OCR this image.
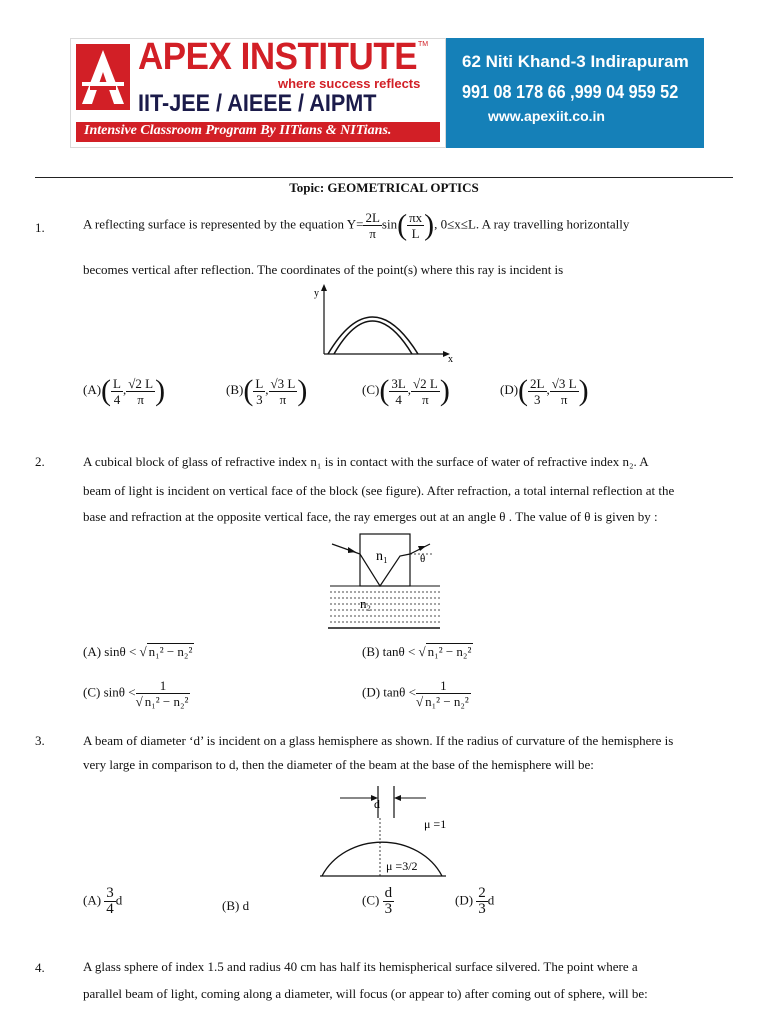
APEX INSTITUTE TM
where success reflects
IIT-JEE / AIEEE / AIPMT
Intensive Classroom Program By IITians & NITians.
62 Niti Khand-3 Indirapuram
991 08 178 66 ,999 04 959 52
www.apexiit.co.in
Topic: GEOMETRICAL OPTICS
1.	A reflecting surface is represented by the equation $Y= \frac{2L}{\pi} \sin( \frac{\pi x}{L}$ ), 0≤x≤L. A ray travelling horizontally
becomes vertical after reflection. The coordinates of the point(s) where this ray is incident is
y
x
$(A)( \frac{L}{4}$ , $\frac{√2 L}{\pi}$ )	$(B)( \frac{L}{3}$ , $\frac{√3 L}{\pi}$ )	$(C)( \frac{3L}{4}$ , $\frac{√2 L}{\pi}$ )	$(D)( \frac{2L}{3}$ , $\frac{√3 L}{\pi}$ )
2.	A cubical block of glass of refractive index n₁ is in contact with the surface of water of refractive index n₂. A
beam of light is incident on vertical face of the block (see figure). After refraction, a total internal reflection at the
base and refraction at the opposite vertical face, the ray emerges out at an angle θ . The value of θ is given by :
n₁	θ
n₂
(A) sinθ < √ n₁² − n₂²	(B) tanθ < √ n₁² − n₂²
(C) $\sin\theta < \frac{1}{\text{√ n₁² − n₂²}}$	(D) $\tan\theta < \frac{1}{\text{√ n₁² − n₂²}}$
3.	A beam of diameter ‘d’ is incident on a glass hemisphere as shown. If the radius of curvature of the hemisphere is
very large in comparison to d, then the diameter of the beam at the base of the hemisphere will be:
d
μ =1
μ =3/2
$(A) \frac{3}{4}$ d	(B) d	$(C) \frac{d}{3}$	$(D) \frac{2}{3}$ d
4.	A glass sphere of index 1.5 and radius 40 cm has half its hemispherical surface silvered. The point where a
parallel beam of light, coming along a diameter, will focus (or appear to) after coming out of sphere, will be:
